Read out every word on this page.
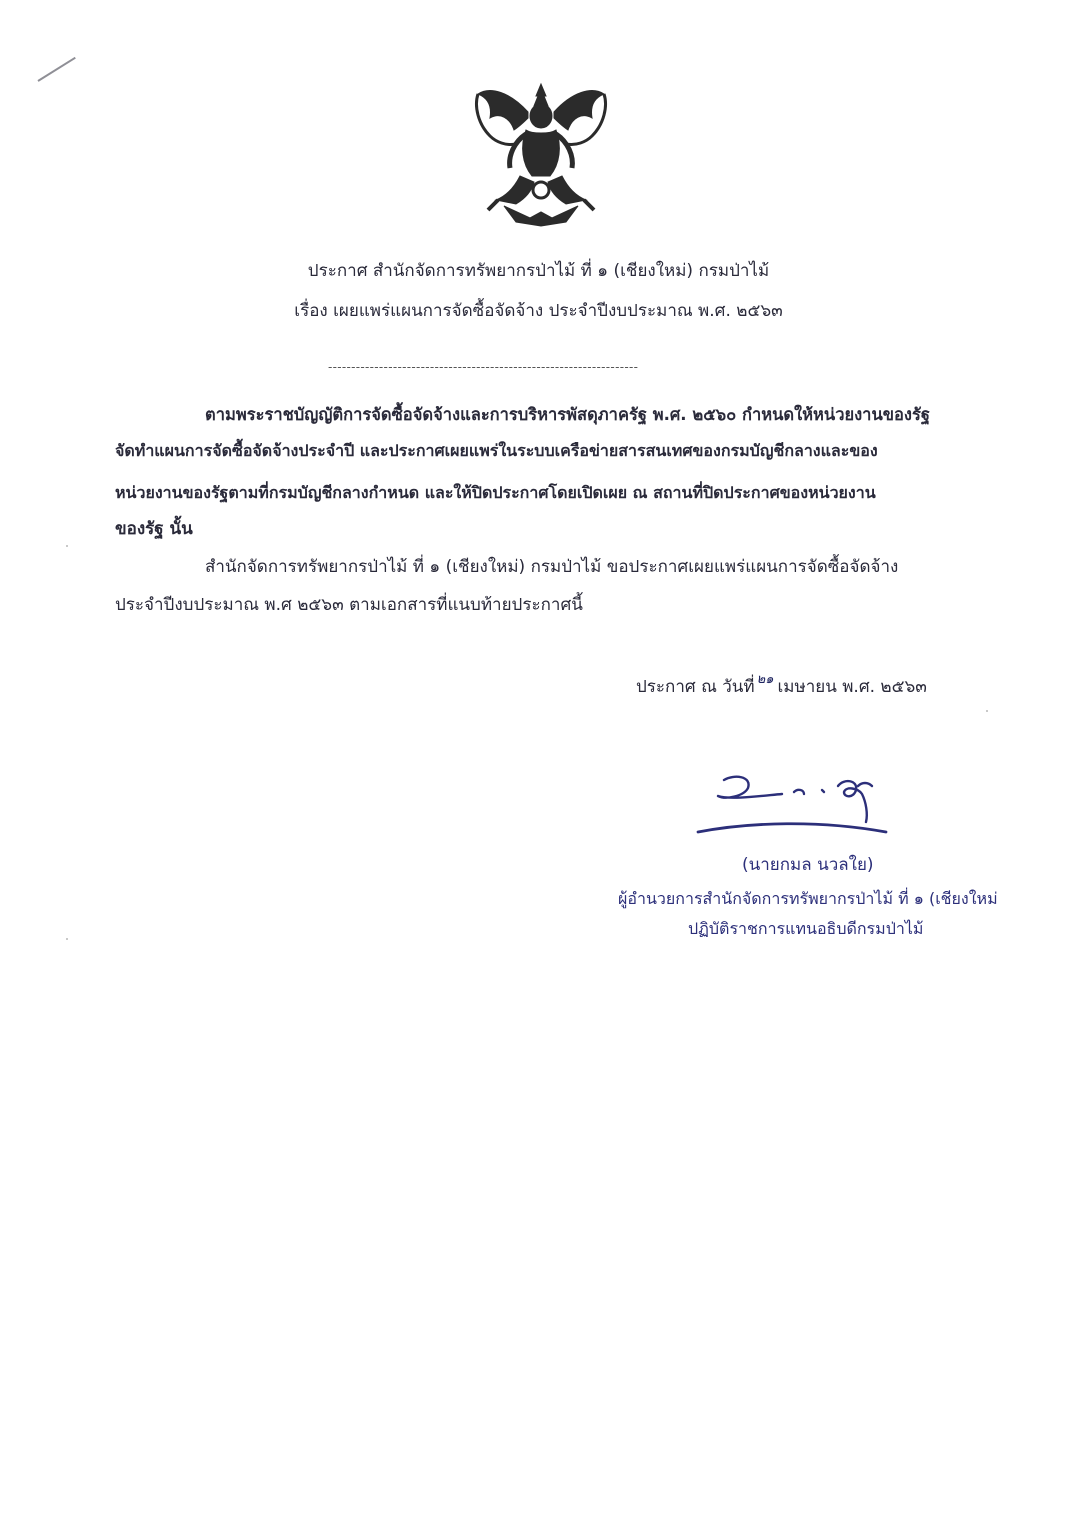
ประกาศ สำนักจัดการทรัพยากรป่าไม้ ที่ ๑ (เชียงใหม่) กรมป่าไม้
เรื่อง เผยแพร่แผนการจัดซื้อจัดจ้าง ประจำปีงบประมาณ พ.ศ. ๒๕๖๓
-------------------------------------------------------------------
ตามพระราชบัญญัติการจัดซื้อจัดจ้างและการบริหารพัสดุภาครัฐ พ.ศ. ๒๕๖๐ กำหนดให้หน่วยงานของรัฐ
จัดทำแผนการจัดซื้อจัดจ้างประจำปี และประกาศเผยแพร่ในระบบเครือข่ายสารสนเทศของกรมบัญชีกลางและของ
หน่วยงานของรัฐตามที่กรมบัญชีกลางกำหนด และให้ปิดประกาศโดยเปิดเผย ณ สถานที่ปิดประกาศของหน่วยงาน
ของรัฐ นั้น
สำนักจัดการทรัพยากรป่าไม้ ที่ ๑ (เชียงใหม่) กรมป่าไม้ ขอประกาศเผยแพร่แผนการจัดซื้อจัดจ้าง
ประจำปีงบประมาณ พ.ศ ๒๕๖๓ ตามเอกสารที่แนบท้ายประกาศนี้
ประกาศ ณ วันที่ $^{๒๑}$ เมษายน พ.ศ. ๒๕๖๓
(นายกมล นวลใย)
ผู้อำนวยการสำนักจัดการทรัพยากรป่าไม้ ที่ ๑ (เชียงใหม่
ปฏิบัติราชการแทนอธิบดีกรมป่าไม้
